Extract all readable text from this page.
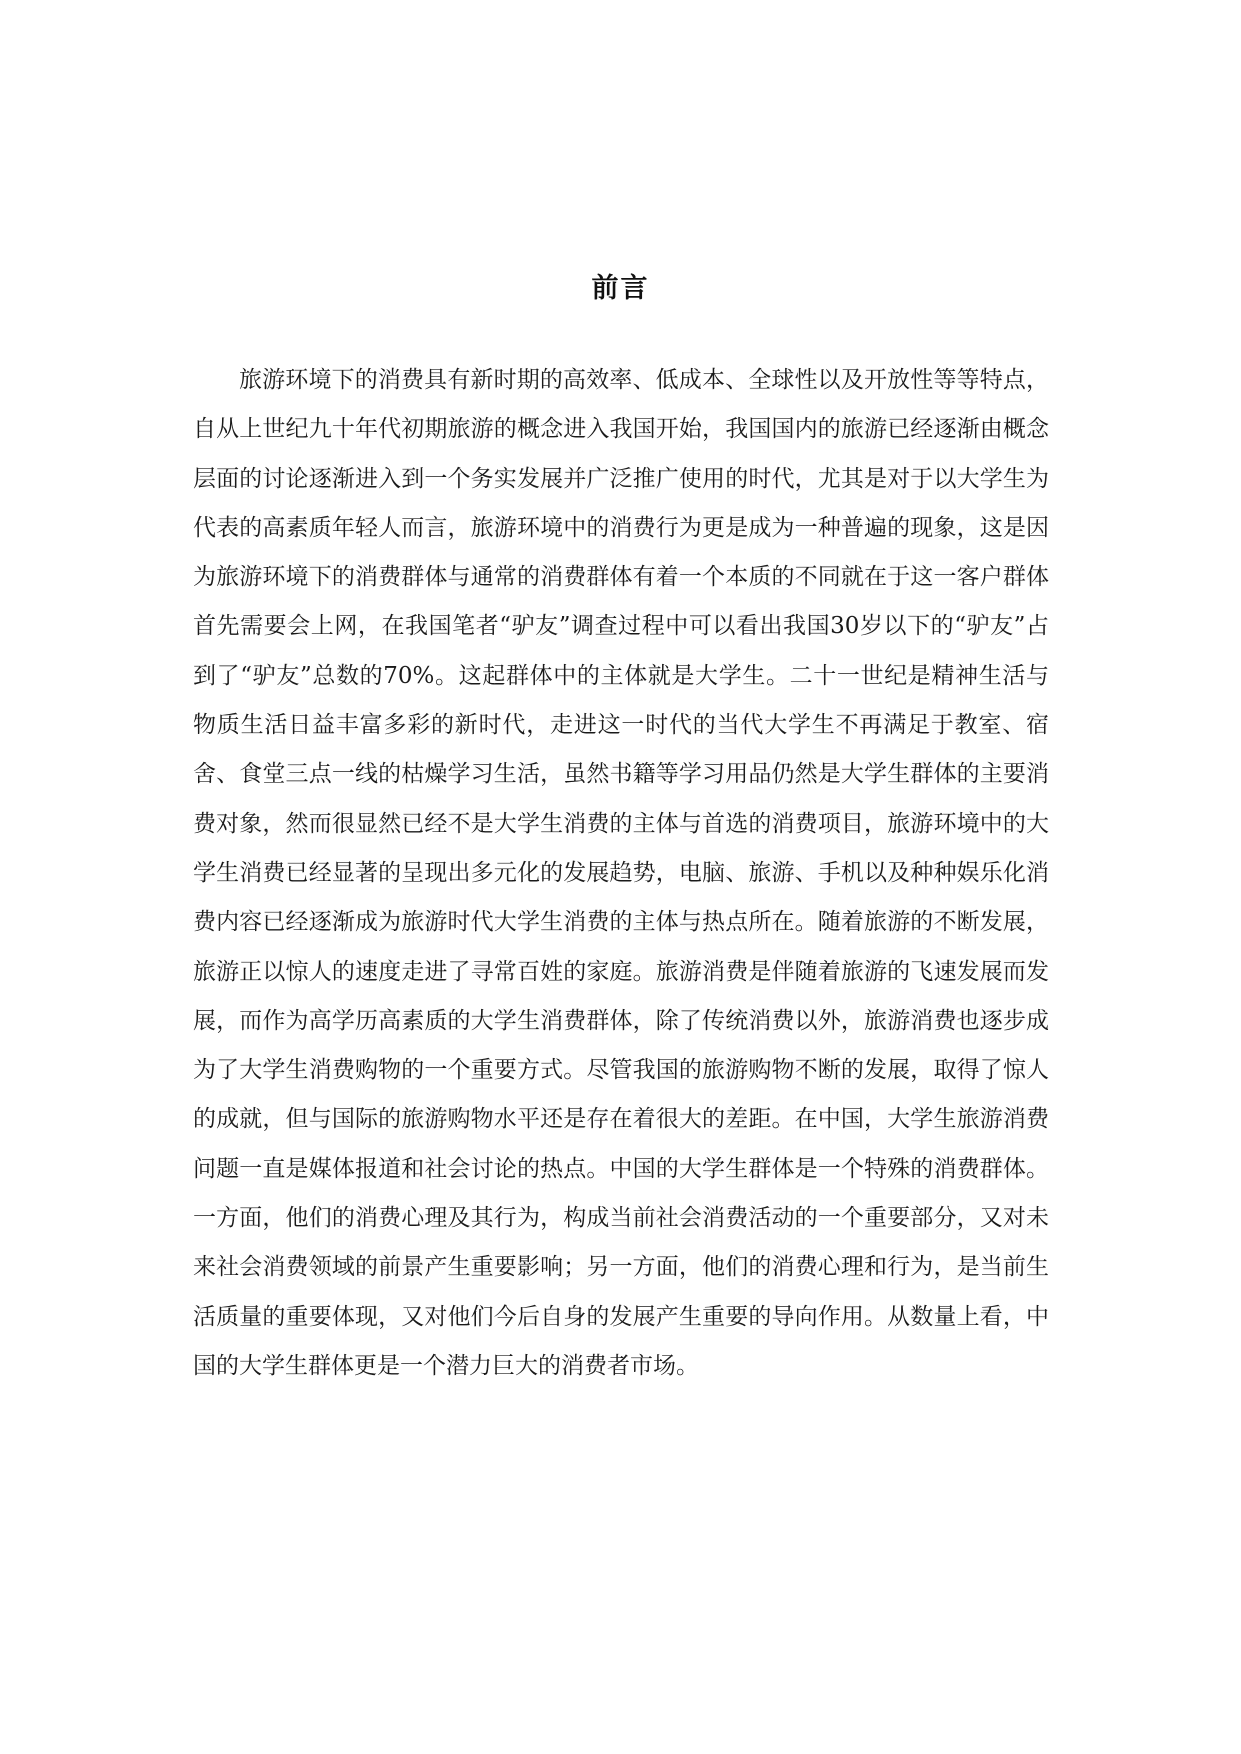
前言

旅游环境下的消费具有新时期的高效率、低成本、全球性以及开放性等等特点，自从上世纪九十年代初期旅游的概念进入我国开始，我国国内的旅游已经逐渐由概念层面的讨论逐渐进入到一个务实发展并广泛推广使用的时代，尤其是对于以大学生为代表的高素质年轻人而言，旅游环境中的消费行为更是成为一种普遍的现象，这是因为旅游环境下的消费群体与通常的消费群体有着一个本质的不同就在于这一客户群体首先需要会上网，在我国笔者“驴友”调查过程中可以看出我国30岁以下的“驴友”占到了“驴友”总数的70%。这起群体中的主体就是大学生。二十一世纪是精神生活与物质生活日益丰富多彩的新时代，走进这一时代的当代大学生不再满足于教室、宿舍、食堂三点一线的枯燥学习生活，虽然书籍等学习用品仍然是大学生群体的主要消费对象，然而很显然已经不是大学生消费的主体与首选的消费项目，旅游环境中的大学生消费已经显著的呈现出多元化的发展趋势，电脑、旅游、手机以及种种娱乐化消费内容已经逐渐成为旅游时代大学生消费的主体与热点所在。随着旅游的不断发展，旅游正以惊人的速度走进了寻常百姓的家庭。旅游消费是伴随着旅游的飞速发展而发展，而作为高学历高素质的大学生消费群体，除了传统消费以外，旅游消费也逐步成为了大学生消费购物的一个重要方式。尽管我国的旅游购物不断的发展，取得了惊人的成就，但与国际的旅游购物水平还是存在着很大的差距。在中国，大学生旅游消费问题一直是媒体报道和社会讨论的热点。中国的大学生群体是一个特殊的消费群体。一方面，他们的消费心理及其行为，构成当前社会消费活动的一个重要部分，又对未来社会消费领域的前景产生重要影响；另一方面，他们的消费心理和行为，是当前生活质量的重要体现，又对他们今后自身的发展产生重要的导向作用。从数量上看，中国的大学生群体更是一个潜力巨大的消费者市场。
